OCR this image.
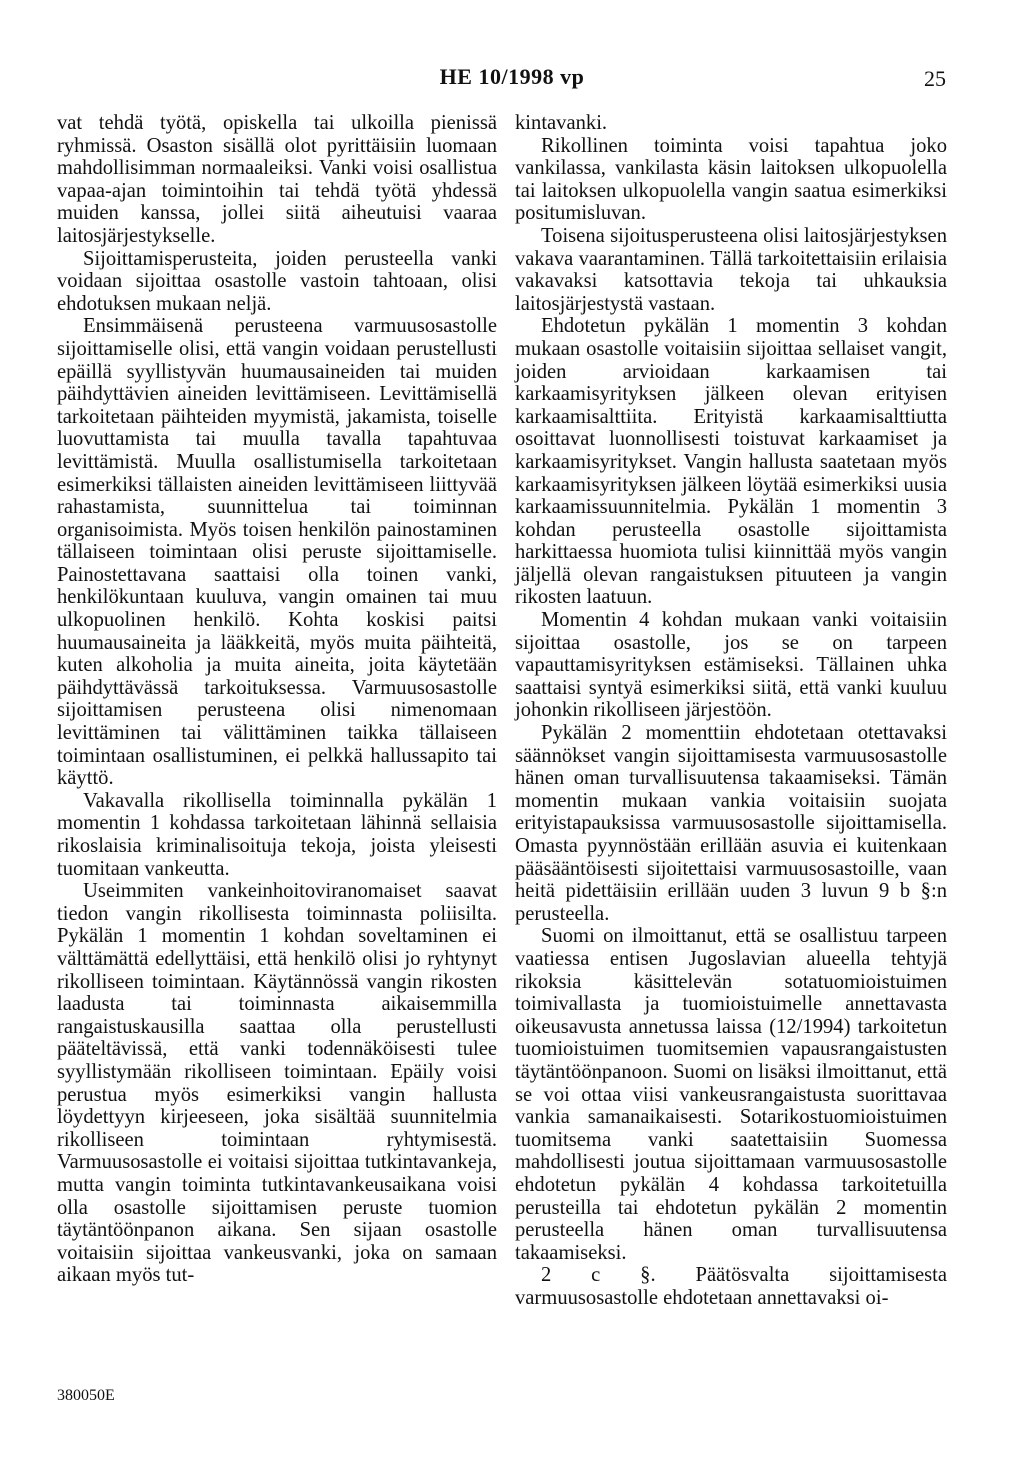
HE 10/1998 vp	25

vat tehdä työtä, opiskella tai ulkoilla pienissä ryhmissä. Osaston sisällä olot pyrittäisiin luomaan mahdollisimman normaaleiksi. Vanki voisi osallistua vapaa-ajan toimintoihin tai tehdä työtä yhdessä muiden kanssa, jollei siitä aiheutuisi vaaraa laitosjärjestykselle.

Sijoittamisperusteita, joiden perusteella vanki voidaan sijoittaa osastolle vastoin tahtoaan, olisi ehdotuksen mukaan neljä.

Ensimmäisenä perusteena varmuusosastolle sijoittamiselle olisi, että vangin voidaan perustellusti epäillä syyllistyvän huumausaineiden tai muiden päihdyttävien aineiden levittämiseen. Levittämisellä tarkoitetaan päihteiden myymistä, jakamista, toiselle luovuttamista tai muulla tavalla tapahtuvaa levittämistä. Muulla osallistumisella tarkoitetaan esimerkiksi tällaisten aineiden levittämiseen liittyvää rahastamista, suunnittelua tai toiminnan organisoimista. Myös toisen henkilön painostaminen tällaiseen toimintaan olisi peruste sijoittamiselle. Painostettavana saattaisi olla toinen vanki, henkilökuntaan kuuluva, vangin omainen tai muu ulkopuolinen henkilö. Kohta koskisi paitsi huumausaineita ja lääkkeitä, myös muita päihteitä, kuten alkoholia ja muita aineita, joita käytetään päihdyttävässä tarkoituksessa. Varmuusosastolle sijoittamisen perusteena olisi nimenomaan levittäminen tai välittäminen taikka tällaiseen toimintaan osallistuminen, ei pelkkä hallussapito tai käyttö.

Vakavalla rikollisella toiminnalla pykälän 1 momentin 1 kohdassa tarkoitetaan lähinnä sellaisia rikoslaisia kriminalisoituja tekoja, joista yleisesti tuomitaan vankeutta.

Useimmiten vankeinhoitoviranomaiset saavat tiedon vangin rikollisesta toiminnasta poliisilta. Pykälän 1 momentin 1 kohdan soveltaminen ei välttämättä edellyttäisi, että henkilö olisi jo ryhtynyt rikolliseen toimintaan. Käytännössä vangin rikosten laadusta tai toiminnasta aikaisemmilla rangaistuskausilla saattaa olla perustellusti pääteltävissä, että vanki todennäköisesti tulee syyllistymään rikolliseen toimintaan. Epäily voisi perustua myös esimerkiksi vangin hallusta löydettyyn kirjeeseen, joka sisältää suunnitelmia rikolliseen toimintaan ryhtymisestä. Varmuusosastolle ei voitaisi sijoittaa tutkintavankeja, mutta vangin toiminta tutkintavankeusaikana voisi olla osastolle sijoittamisen peruste tuomion täytäntöönpanon aikana. Sen sijaan osastolle voitaisiin sijoittaa vankeusvanki, joka on samaan aikaan myös tut-

kintavanki.

Rikollinen toiminta voisi tapahtua joko vankilassa, vankilasta käsin laitoksen ulkopuolella tai laitoksen ulkopuolella vangin saatua esimerkiksi positumisluvan.

Toisena sijoitusperusteena olisi laitosjärjestyksen vakava vaarantaminen. Tällä tarkoitettaisiin erilaisia vakavaksi katsottavia tekoja tai uhkauksia laitosjärjestystä vastaan.

Ehdotetun pykälän 1 momentin 3 kohdan mukaan osastolle voitaisiin sijoittaa sellaiset vangit, joiden arvioidaan karkaamisen tai karkaamisyrityksen jälkeen olevan erityisen karkaamisalttiita. Erityistä karkaamisalttiutta osoittavat luonnollisesti toistuvat karkaamiset ja karkaamisyritykset. Vangin hallusta saatetaan myös karkaamisyrityksen jälkeen löytää esimerkiksi uusia karkaamissuunnitelmia. Pykälän 1 momentin 3 kohdan perusteella osastolle sijoittamista harkittaessa huomiota tulisi kiinnittää myös vangin jäljellä olevan rangaistuksen pituuteen ja vangin rikosten laatuun.

Momentin 4 kohdan mukaan vanki voitaisiin sijoittaa osastolle, jos se on tarpeen vapauttamisyrityksen estämiseksi. Tällainen uhka saattaisi syntyä esimerkiksi siitä, että vanki kuuluu johonkin rikolliseen järjestöön.

Pykälän 2 momenttiin ehdotetaan otettavaksi säännökset vangin sijoittamisesta varmuusosastolle hänen oman turvallisuutensa takaamiseksi. Tämän momentin mukaan vankia voitaisiin suojata erityistapauksissa varmuusosastolle sijoittamisella. Omasta pyynnöstään erillään asuvia ei kuitenkaan pääsääntöisesti sijoitettaisi varmuusosastoille, vaan heitä pidettäisiin erillään uuden 3 luvun 9 b §:n perusteella.

Suomi on ilmoittanut, että se osallistuu tarpeen vaatiessa entisen Jugoslavian alueella tehtyjä rikoksia käsittelevän sotatuomioistuimen toimivallasta ja tuomioistuimelle annettavasta oikeusavusta annetussa laissa (12/1994) tarkoitetun tuomioistuimen tuomitsemien vapausrangaistusten täytäntöönpanoon. Suomi on lisäksi ilmoittanut, että se voi ottaa viisi vankeusrangaistusta suorittavaa vankia samanaikaisesti. Sotarikostuomioistuimen tuomitsema vanki saatettaisiin Suomessa mahdollisesti joutua sijoittamaan varmuusosastolle ehdotetun pykälän 4 kohdassa tarkoitetuilla perusteilla tai ehdotetun pykälän 2 momentin perusteella hänen oman turvallisuutensa takaamiseksi.

2 c §. Päätösvalta sijoittamisesta varmuusosastolle ehdotetaan annettavaksi oi-

380050E
